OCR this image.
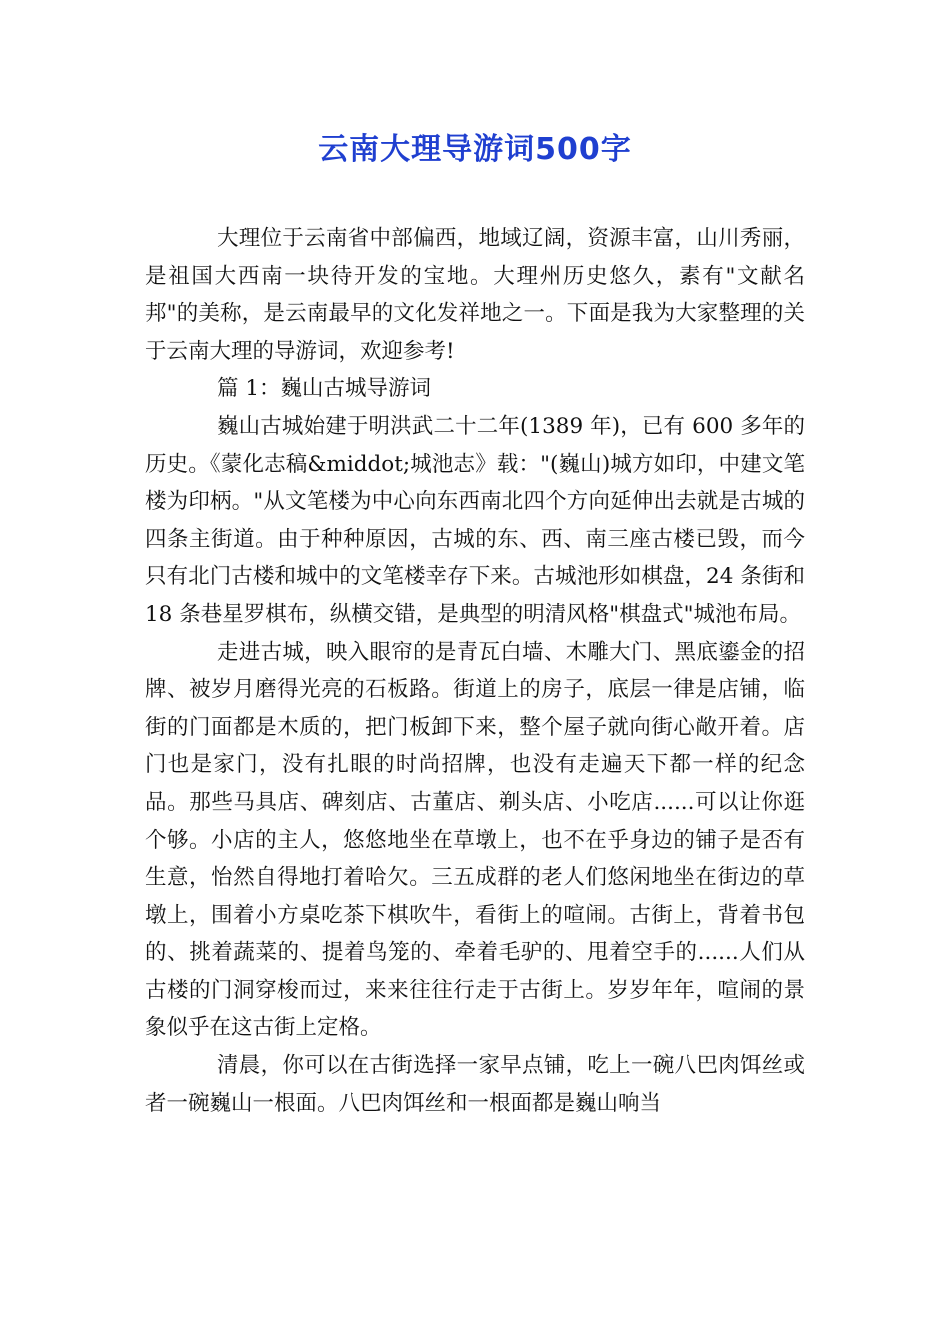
云南大理导游词500字

大理位于云南省中部偏西，地域辽阔，资源丰富，山川秀丽，是祖国大西南一块待开发的宝地。大理州历史悠久，素有"文献名邦"的美称，是云南最早的文化发祥地之一。下面是我为大家整理的关于云南大理的导游词，欢迎参考!

篇 1：巍山古城导游词

巍山古城始建于明洪武二十二年(1389 年)，已有 600 多年的历史。《蒙化志稿&middot;城池志》载："(巍山)城方如印，中建文笔楼为印柄。"从文笔楼为中心向东西南北四个方向延伸出去就是古城的四条主街道。由于种种原因，古城的东、西、南三座古楼已毁，而今只有北门古楼和城中的文笔楼幸存下来。古城池形如棋盘，24 条街和 18 条巷星罗棋布，纵横交错，是典型的明清风格"棋盘式"城池布局。

走进古城，映入眼帘的是青瓦白墙、木雕大门、黑底鎏金的招牌、被岁月磨得光亮的石板路。街道上的房子，底层一律是店铺，临街的门面都是木质的，把门板卸下来，整个屋子就向街心敞开着。店门也是家门，没有扎眼的时尚招牌，也没有走遍天下都一样的纪念品。那些马具店、碑刻店、古董店、剃头店、小吃店......可以让你逛个够。小店的主人，悠悠地坐在草墩上，也不在乎身边的铺子是否有生意，怡然自得地打着哈欠。三五成群的老人们悠闲地坐在街边的草墩上，围着小方桌吃茶下棋吹牛，看街上的喧闹。古街上，背着书包的、挑着蔬菜的、提着鸟笼的、牵着毛驴的、甩着空手的......人们从古楼的门洞穿梭而过，来来往往行走于古街上。岁岁年年，喧闹的景象似乎在这古街上定格。

清晨，你可以在古街选择一家早点铺，吃上一碗八巴肉饵丝或者一碗巍山一根面。八巴肉饵丝和一根面都是巍山响当
